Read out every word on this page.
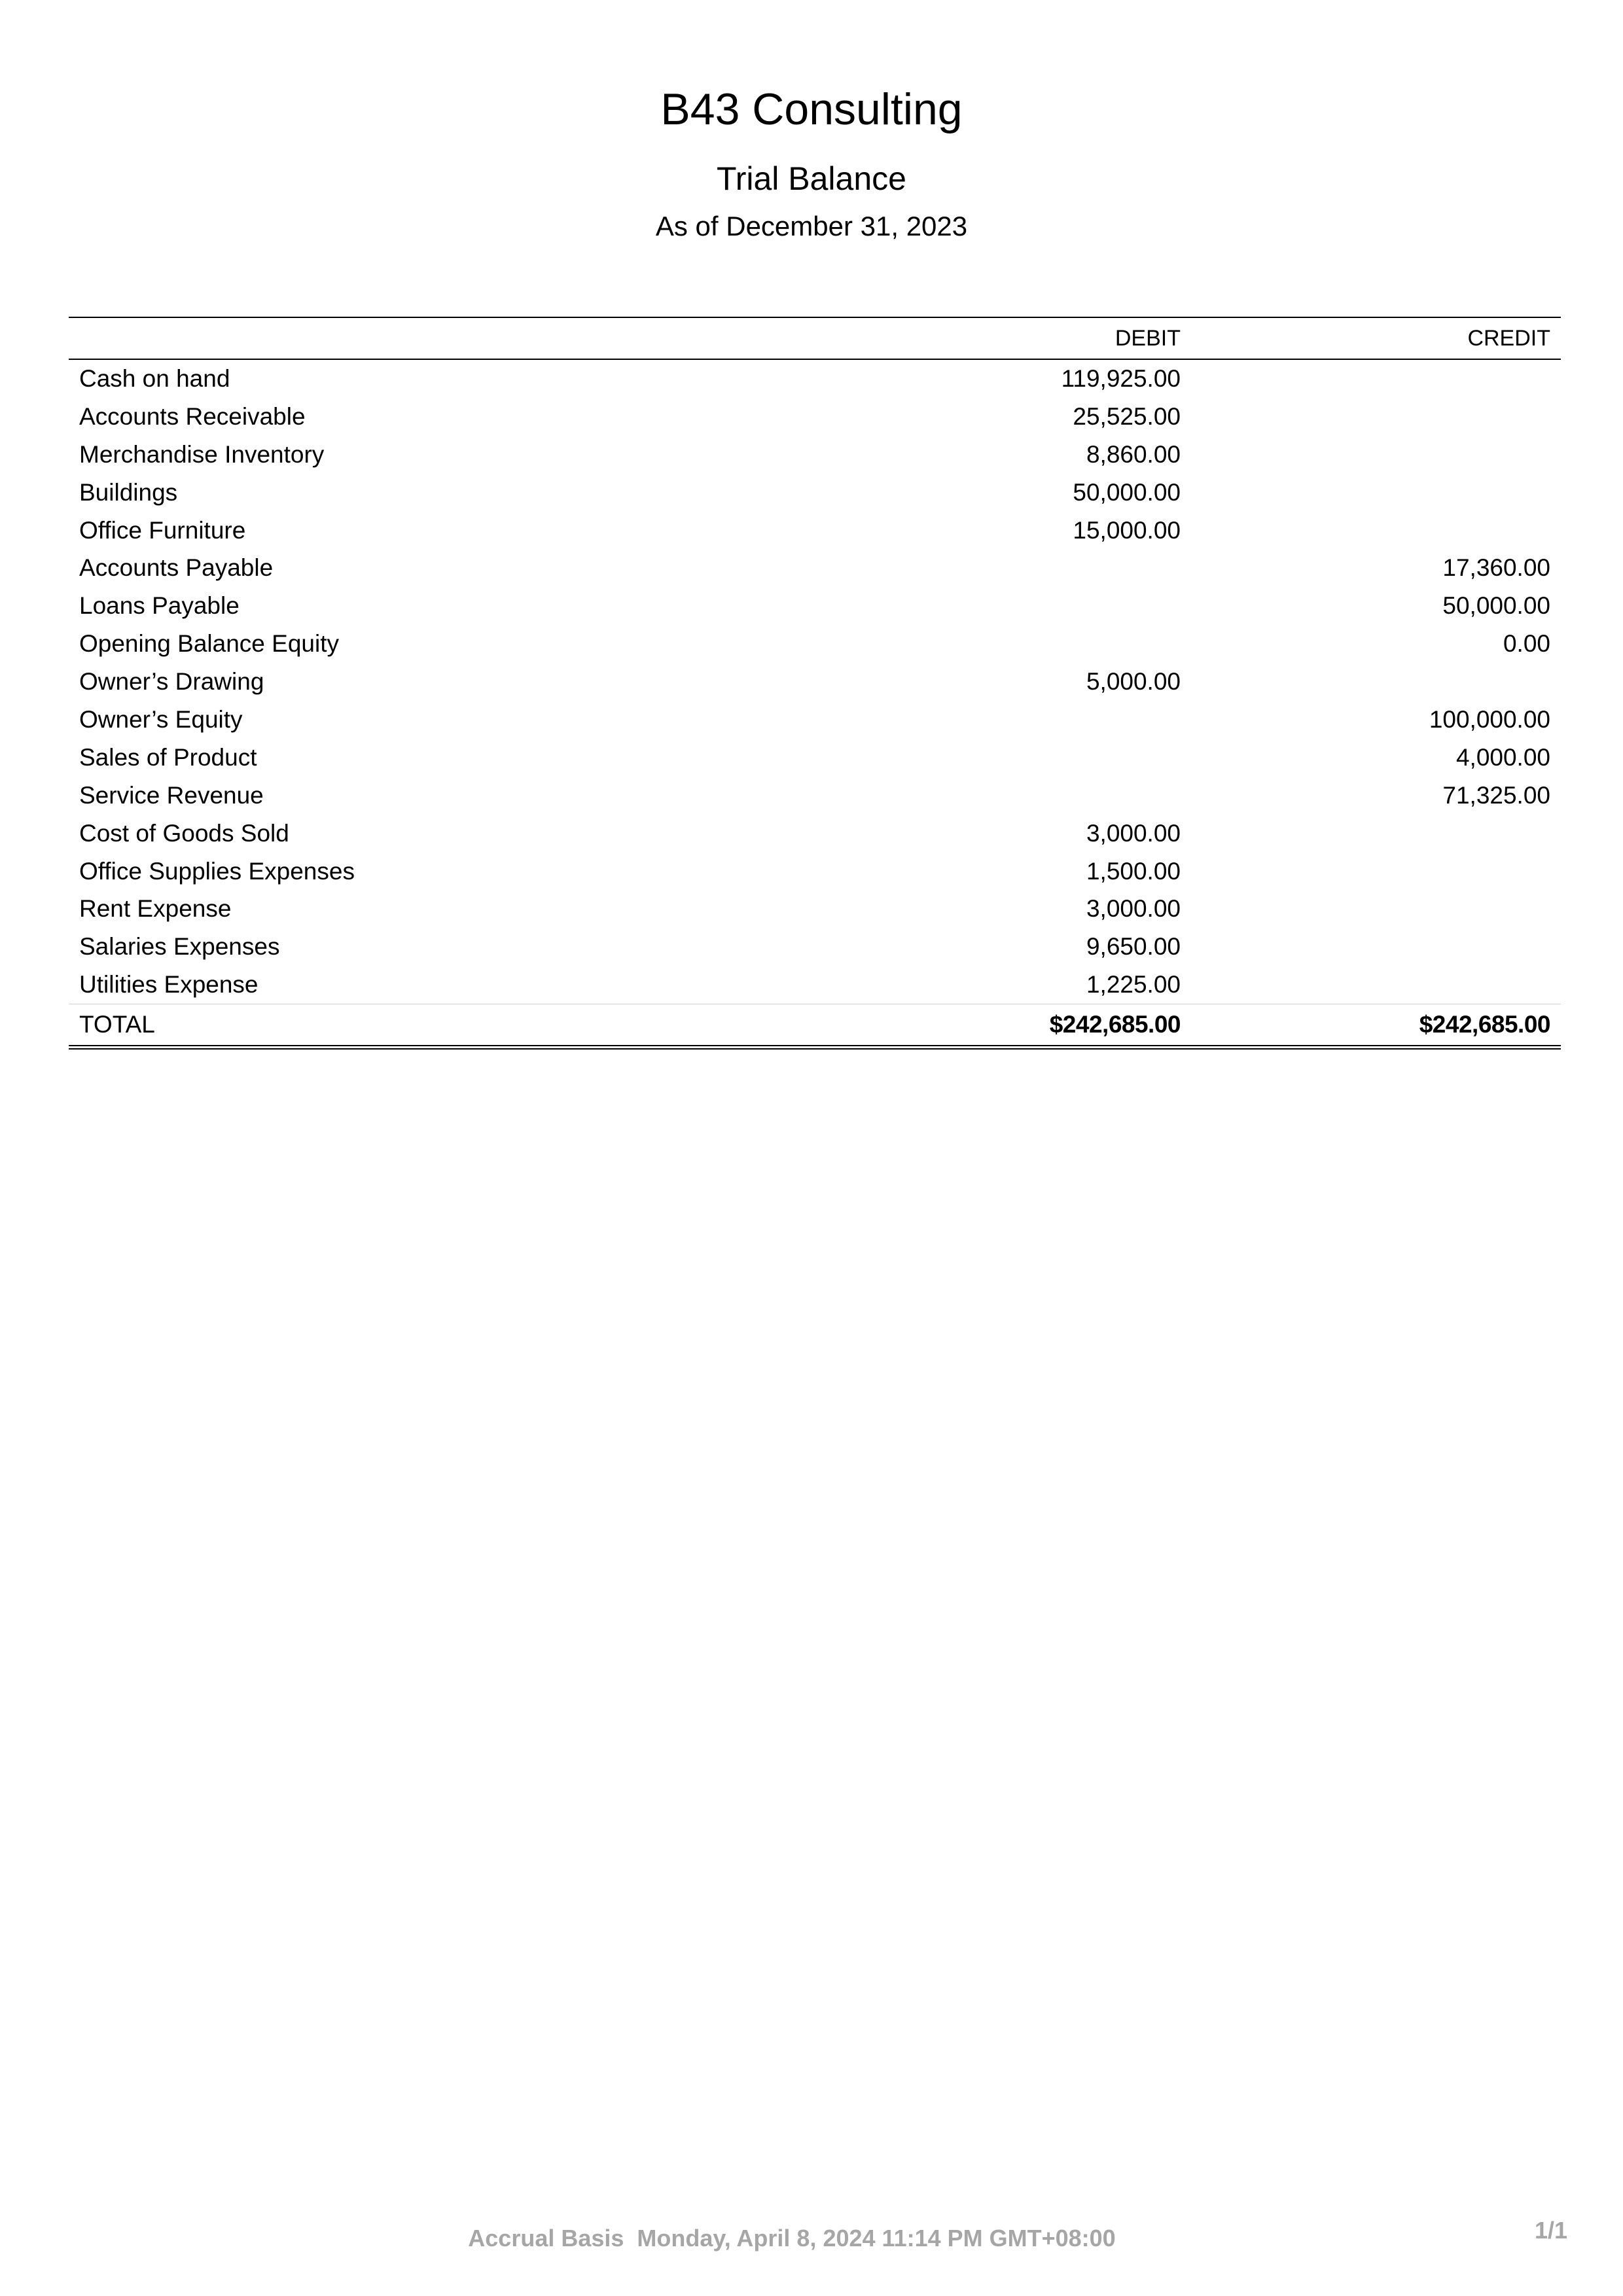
B43 Consulting
Trial Balance
As of December 31, 2023
	DEBIT	CREDIT
Cash on hand	119,925.00	
Accounts Receivable	25,525.00	
Merchandise Inventory	8,860.00	
Buildings	50,000.00	
Office Furniture	15,000.00	
Accounts Payable		17,360.00
Loans Payable		50,000.00
Opening Balance Equity		0.00
Owner’s Drawing	5,000.00	
Owner’s Equity		100,000.00
Sales of Product		4,000.00
Service Revenue		71,325.00
Cost of Goods Sold	3,000.00	
Office Supplies Expenses	1,500.00	
Rent Expense	3,000.00	
Salaries Expenses	9,650.00	
Utilities Expense	1,225.00	
TOTAL	$242,685.00	$242,685.00
Accrual Basis  Monday, April 8, 2024 11:14 PM GMT+08:00	1/1
